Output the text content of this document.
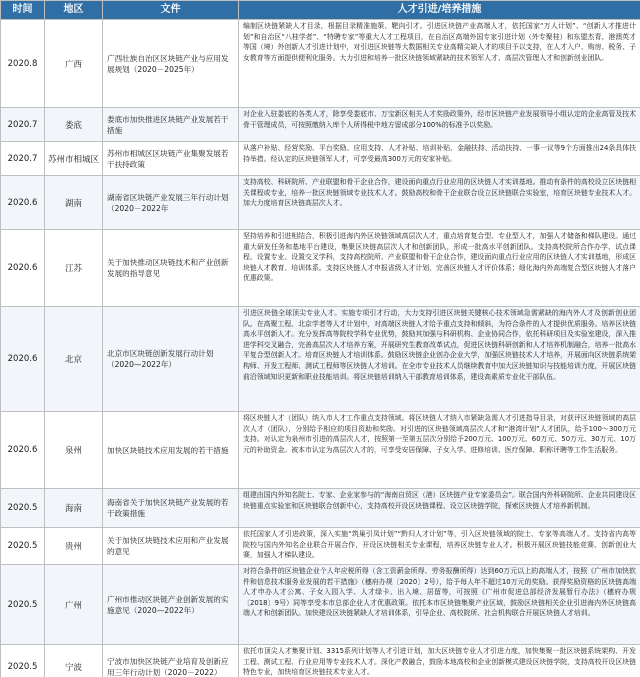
时间	地区	文件	人才引进/培养措施
2020.8	广西	广西壮族自治区区块链产业与应用发展规划（2020－2025年）	编制区块链紧缺人才目录，根据目录精准施策、靶向引才。引进区块链产业高端人才，依托国家“万人计划”、“创新人才推进计划”和自治区“八桂学者”、“特聘专家”等重大人才工程项目，在自治区高端外国专家引进计划（外专聚桂）和东盟杰青、港澳英才等国（境）外创新人才引进计划中，对引进区块链等大数据相关专业高精尖缺人才的项目予以支持，在人才入户、购房、税务、子女教育等方面提供便利化服务。大力引进和培养一批区块链领域紧缺的技术领军人才、高层次管理人才和创新创业团队。
2020.7	娄底	娄底市加快推进区块链产业发展若干措施	对企业入驻娄底的各类人才，除享受娄底市、万宝新区相关人才奖励政策外，经市区块链产业发展领导小组认定的企业高管及技术骨干管理成员，可按照缴纳入库个人所得税中地方留成部分100%的标准予以奖励。
2020.7	苏州市相城区	苏州市相城区区块链产业集聚发展若干扶持政策	从落户补贴、经营奖励、平台奖励、应用支持、人才补贴、培训补贴、金融扶持、活动扶持、一事一议等9个方面推出24条具体扶持举措。经认定的区块链领军人才，可享受最高300万元的安家补贴。
2020.6	湖南	湖南省区块链产业发展三年行动计划（2020－2022年	支持高校、科研院所、产业联盟和骨干企业合作，建设面向重点行业应用的区块链人才实训基地。推动有条件的高校设立区块链相关课程或专业，培养一批区块链领域专业技术人才。鼓励高校和骨干企业联合设立区块链联合实验室，培育区块链专业技术人才。加大力度培育区块链高层次人才。
2020.6	江苏	关于加快推动区块链技术和产业创新发展的指导意见	坚持培养和引进相结合，积极引进海内外区块链领域高层次人才，重点培育复合型、专业型人才，加强人才储备和梯队建设。通过重大研发任务和基地平台建设，集聚区块链高层次人才和创新团队，形成一批高水平创新团队。支持高校院所合作办学、试点课程、设置专业、设置交叉学科，支持高校院所、产业联盟和骨干企业合作，建设面向重点行业应用的区块链人才实训基地，形成区块链人才教育、培训体系。支持区块链人才申报省级人才计划，完善区块链人才评价体系；细化海内外高端复合型区块链人才落户优惠政策。
2020.6	北京	北京市区块链创新发展行动计划（2020—2022年）	引进区块链全球顶尖专业人才。实施专项引才行动，大力支持引进区块链关键核心技术领域急需紧缺的海内外人才及创新创业团队。在高聚工程、北京学者等人才计划中，对高端区块链人才给予重点支持和倾斜，为符合条件的人才提供优质服务。培养区块链高水平创新人才。充分发挥高等院校学科专业优势，鼓励其加强与科研机构、企业协同合作，依托科研项目及实验室建设，深入推进学科交叉融合，完善高层次人才培养方案，开展研究生教育改革试点，促进区块链科研创新和人才培养机制融合，培养一批高水平复合型创新人才。培育区块链人才培训体系。鼓励区块链企业创办企业大学，加强区块链技术人才培养，开展面向区块链系统架构师、开发工程师、测试工程师等区块链人才培训。在全市专业技术人员继续教育中加大区块链知识与技能培训力度，开展区块链前沿领域知识更新和职业技能培训。将区块链培训纳入干部教育培训体系，建设高素质专业化干部队伍。
2020.6	泉州	加快区块链技术应用发展的若干措施	将区块链人才（团队）纳入市人才工作重点支持领域。将区块链人才纳入市紧缺急需人才引进指导目录，对获评区块链领域的高层次人才（团队），分别给予相应的项目资助和奖励。对引进的区块链领域高层次人才和“港湾计划”人才团队，给予100～300万元支持。对认定为泉州市引进的高层次人才，按照第一至第五层次分别给予200万元、100万元、60万元、50万元、30万元、10万元的补助资金。被本市认定为高层次人才的，可享受安居保障、子女入学、进修培训、医疗保障、职称评聘等工作生活服务。
2020.5	海南	海南省关于加快区块链产业发展的若干政策措施	组建由国内外知名院士、专家、企业家参与的“海南自贸区（港）区块链产业专家委员会”。联合国内外科研院所、企业共同建设区块链重点实验室和区块链联合创新中心，支持高校开设区块链课程、设立区块链学院，探索区块链人才培养新机制。
2020.5	贵州	关于加快区块链技术应用和产业发展的意见	依托国家人才引进政策，深入实施“筑巢引凤计划”“黔归人才计划”等，引入区块链领域的院士、专家等高端人才。支持省内高等院校与国内外知名企业联合开展合作，开设区块链相关专业课程，培养区块链专业人才。积极开展区块链技能竞赛、创新创业大赛，加强人才梯队建设。
2020.5	广州	广州市推动区块链产业创新发展的实施意见（2020—2022年）	对符合条件的区块链企业个人年应税所得（含工资薪金所得、劳务报酬所得）达到60万元以上的高端人才，按照《广州市加快软件和信息技术服务业发展的若干措施》（穗府办规〔2020〕2号），给予每人年不超过10万元的奖励。获得奖励资格的区块链高端人才申办人才公寓、子女入园入学、人才绿卡、出入境、居留等，可按照《广州市促进总部经济发展暂行办法》（穗府办规〔2018〕9号）同等享受本市总部企业人才优惠政策。依托本市区块链集聚产业区域，鼓励区块链相关企业引进海内外区块链高端人才和创新团队。加快建设区块链紧缺人才培训体系，引导企业、高校院所、社会机构联合开展区块链人才培训。
2020.5	宁波	宁波市加快区块链产业培育及创新应用三年行动计划（2020－2022）	依托市顶尖人才集聚计划、3315系列计划等人才引进计划，加大区块链专业人才引进力度，加快集聚一批区块链系统架构、开发工程、测试工程、行业应用等专业技术人才。深化产教融合，鼓励本地高校和企业创新模式建设区块链学院，支持高校开设区块链特色专业，加快培育区块链技术专业人才。
